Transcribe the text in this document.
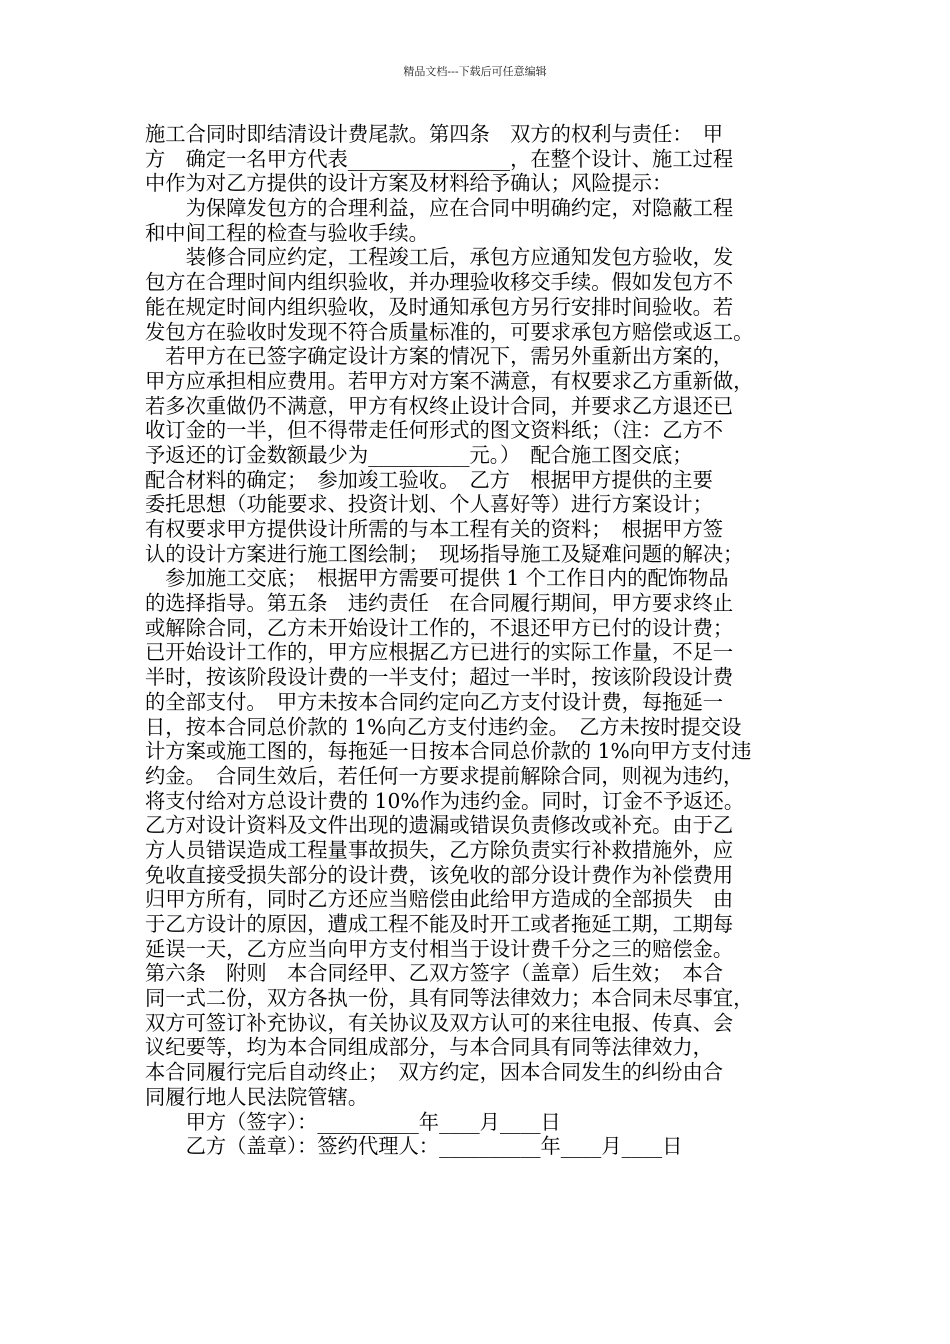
精品文档---下载后可任意编辑
施工合同时即结清设计费尾款。第四条　双方的权利与责任：　甲
方　确定一名甲方代表________________，在整个设计、施工过程
中作为对乙方提供的设计方案及材料给予确认；风险提示：
　　为保障发包方的合理利益，应在合同中明确约定，对隐蔽工程
和中间工程的检查与验收手续。
　　装修合同应约定，工程竣工后，承包方应通知发包方验收，发
包方在合理时间内组织验收，并办理验收移交手续。假如发包方不
能在规定时间内组织验收，及时通知承包方另行安排时间验收。若
发包方在验收时发现不符合质量标准的，可要求承包方赔偿或返工。
　若甲方在已签字确定设计方案的情况下，需另外重新出方案的，
甲方应承担相应费用。若甲方对方案不满意，有权要求乙方重新做，
若多次重做仍不满意，甲方有权终止设计合同，并要求乙方退还已
收订金的一半，但不得带走任何形式的图文资料纸；（注：乙方不
予返还的订金数额最少为__________元。）　配合施工图交底；
配合材料的确定；　参加竣工验收。　乙方　根据甲方提供的主要
委托思想（功能要求、投资计划、个人喜好等）进行方案设计；
有权要求甲方提供设计所需的与本工程有关的资料；　根据甲方签
认的设计方案进行施工图绘制；　现场指导施工及疑难问题的解决；
　参加施工交底；　根据甲方需要可提供 1 个工作日内的配饰物品
的选择指导。第五条　违约责任　在合同履行期间，甲方要求终止
或解除合同，乙方未开始设计工作的，不退还甲方已付的设计费；
已开始设计工作的，甲方应根据乙方已进行的实际工作量，不足一
半时，按该阶段设计费的一半支付；超过一半时，按该阶段设计费
的全部支付。　甲方未按本合同约定向乙方支付设计费，每拖延一
日，按本合同总价款的 1%向乙方支付违约金。　乙方未按时提交设
计方案或施工图的，每拖延一日按本合同总价款的 1%向甲方支付违
约金。　合同生效后，若任何一方要求提前解除合同，则视为违约，
将支付给对方总设计费的 10%作为违约金。同时，订金不予返还。
乙方对设计资料及文件出现的遗漏或错误负责修改或补充。由于乙
方人员错误造成工程量事故损失，乙方除负责实行补救措施外，应
免收直接受损失部分的设计费，该免收的部分设计费作为补偿费用
归甲方所有，同时乙方还应当赔偿由此给甲方造成的全部损失　由
于乙方设计的原因，遭成工程不能及时开工或者拖延工期，工期每
延误一天，乙方应当向甲方支付相当于设计费千分之三的赔偿金。
第六条　附则　本合同经甲、乙双方签字（盖章）后生效；　本合
同一式二份，双方各执一份，具有同等法律效力；本合同未尽事宜，
双方可签订补充协议，有关协议及双方认可的来往电报、传真、会
议纪要等，均为本合同组成部分，与本合同具有同等法律效力，
本合同履行完后自动终止；　双方约定，因本合同发生的纠纷由合
同履行地人民法院管辖。
　　甲方（签字）：__________年____月____日
　　乙方（盖章）：签约代理人：__________年____月____日
